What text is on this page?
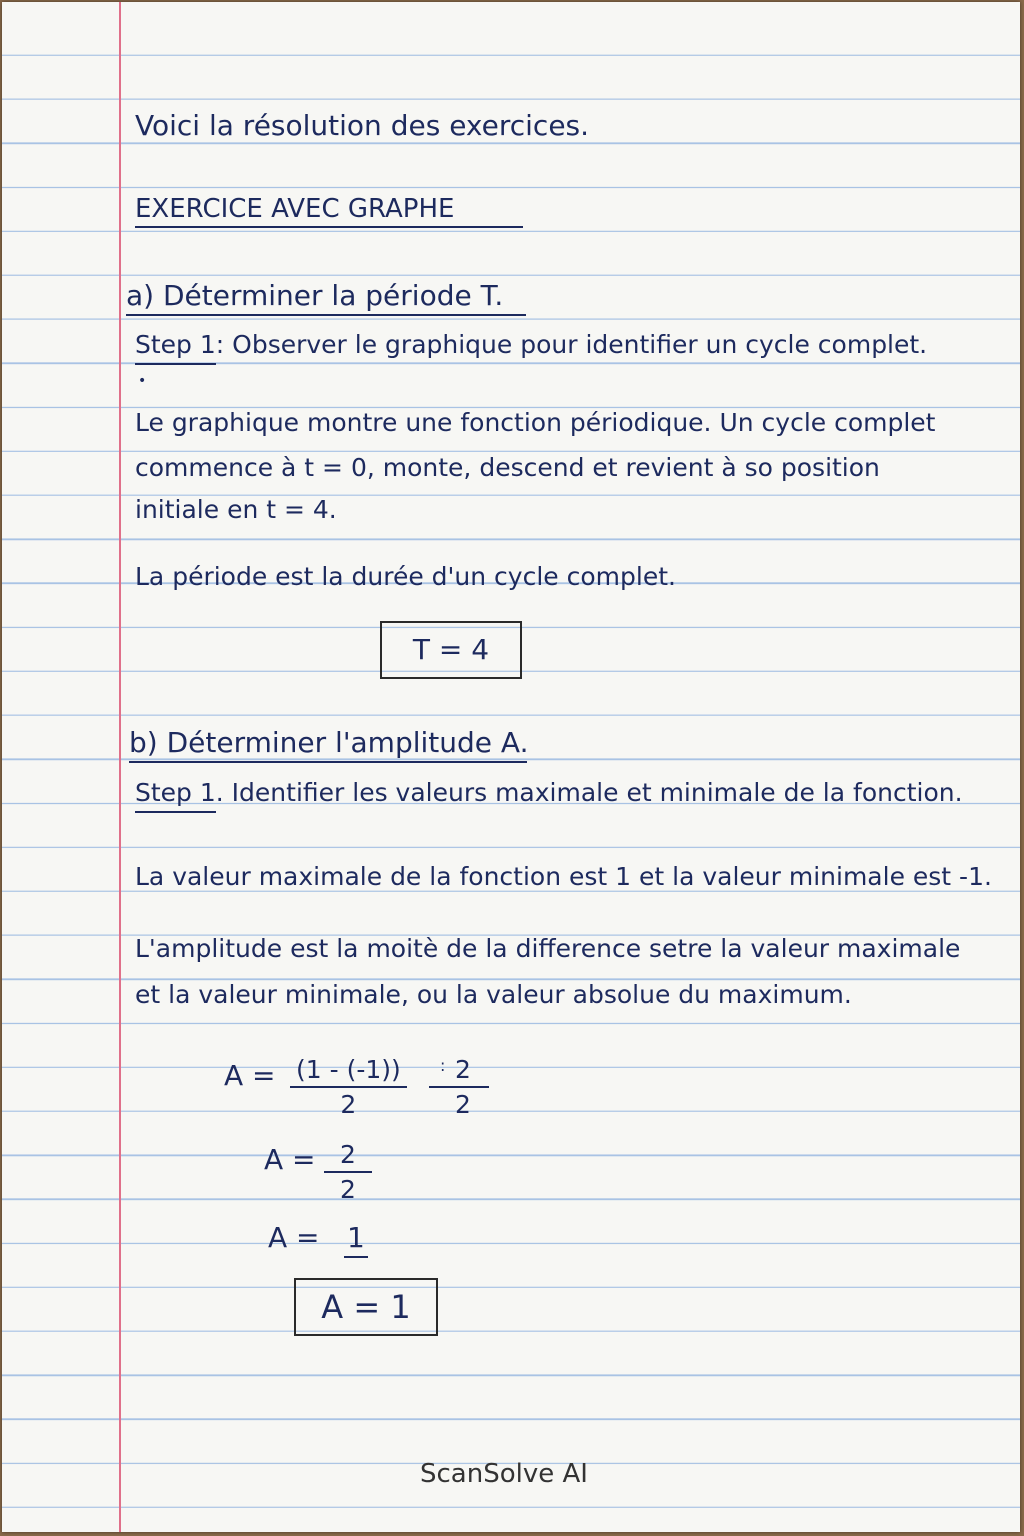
Voici la résolution des exercices.
EXERCICE AVEC GRAPHE
a) Déterminer la période T.
Step 1: Observer le graphique pour identifier un cycle complet.
•
Le graphique montre une fonction périodique. Un cycle complet
commence à t = 0, monte, descend et revient à so position
initiale en t = 4.
La période est la durée d'un cycle complet.
T = 4
b) Déterminer l'amplitude A.
Step 1. Identifier les valeurs maximale et minimale de la fonction.
La valeur maximale de la fonction est 1 et la valeur minimale est -1.
L'amplitude est la moitè de la difference setre la valeur maximale
et la valeur minimale, ou la valeur absolue du maximum.
$A = \frac{(1 - (-1))}{2}$ :
$\frac{2}{2}$
$A = \frac{2}{2}$
A = 1
A = 1
ScanSolve AI
